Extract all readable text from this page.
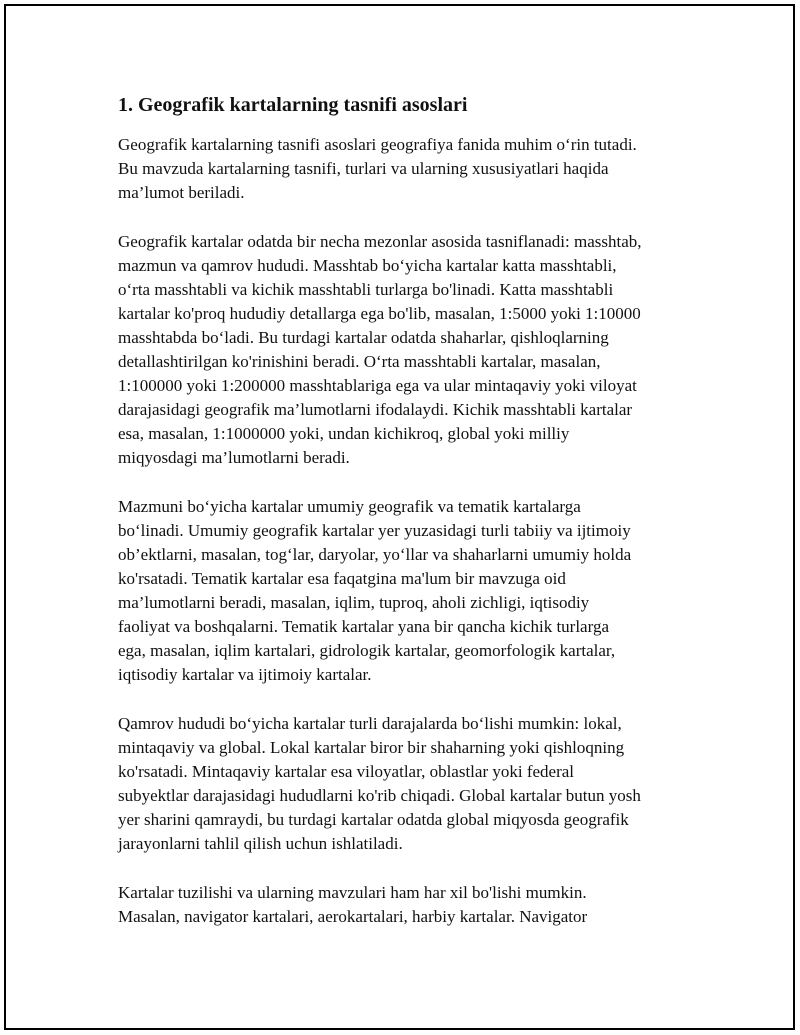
1. Geografik kartalarning tasnifi asoslari

Geografik kartalarning tasnifi asoslari geografiya fanida muhim o‘rin tutadi.
Bu mavzuda kartalarning tasnifi, turlari va ularning xususiyatlari haqida
ma’lumot beriladi.

Geografik kartalar odatda bir necha mezonlar asosida tasniflanadi: masshtab,
mazmun va qamrov hududi. Masshtab bo‘yicha kartalar katta masshtabli,
o‘rta masshtabli va kichik masshtabli turlarga bo'linadi. Katta masshtabli
kartalar ko'proq hududiy detallarga ega bo'lib, masalan, 1:5000 yoki 1:10000
masshtabda bo‘ladi. Bu turdagi kartalar odatda shaharlar, qishloqlarning
detallashtirilgan ko'rinishini beradi. O‘rta masshtabli kartalar, masalan,
1:100000 yoki 1:200000 masshtablariga ega va ular mintaqaviy yoki viloyat
darajasidagi geografik ma’lumotlarni ifodalaydi. Kichik masshtabli kartalar
esa, masalan, 1:1000000 yoki, undan kichikroq, global yoki milliy
miqyosdagi ma’lumotlarni beradi.

Mazmuni bo‘yicha kartalar umumiy geografik va tematik kartalarga
bo‘linadi. Umumiy geografik kartalar yer yuzasidagi turli tabiiy va ijtimoiy
ob’ektlarni, masalan, tog‘lar, daryolar, yo‘llar va shaharlarni umumiy holda
ko'rsatadi. Tematik kartalar esa faqatgina ma'lum bir mavzuga oid
ma’lumotlarni beradi, masalan, iqlim, tuproq, aholi zichligi, iqtisodiy
faoliyat va boshqalarni. Tematik kartalar yana bir qancha kichik turlarga
ega, masalan, iqlim kartalari, gidrologik kartalar, geomorfologik kartalar,
iqtisodiy kartalar va ijtimoiy kartalar.

Qamrov hududi bo‘yicha kartalar turli darajalarda bo‘lishi mumkin: lokal,
mintaqaviy va global. Lokal kartalar biror bir shaharning yoki qishloqning
ko'rsatadi. Mintaqaviy kartalar esa viloyatlar, oblastlar yoki federal
subyektlar darajasidagi hududlarni ko'rib chiqadi. Global kartalar butun yosh
yer sharini qamraydi, bu turdagi kartalar odatda global miqyosda geografik
jarayonlarni tahlil qilish uchun ishlatiladi.

Kartalar tuzilishi va ularning mavzulari ham har xil bo'lishi mumkin.
Masalan, navigator kartalari, aerokartalari, harbiy kartalar. Navigator
